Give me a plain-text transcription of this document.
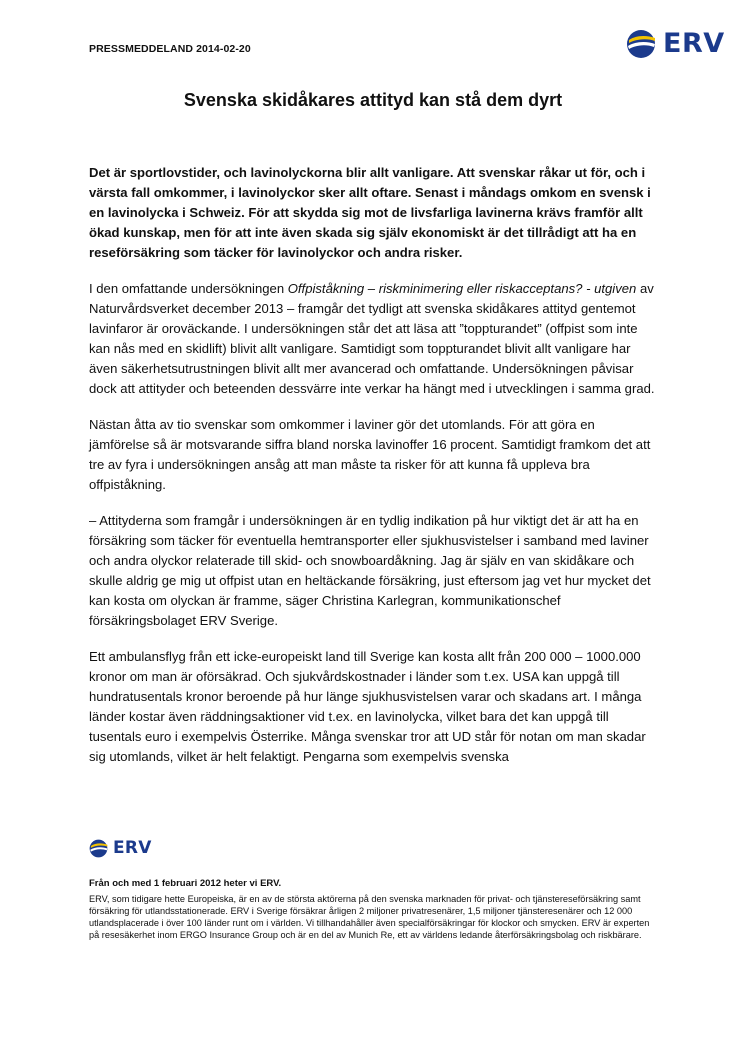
PRESSMEDDELAND 2014-02-20	ERV
Svenska skidåkares attityd kan stå dem dyrt

Det är sportlovstider, och lavinolyckorna blir allt vanligare. Att svenskar råkar ut för, och i värsta fall omkommer, i lavinolyckor sker allt oftare. Senast i måndags omkom en svensk i en lavinolycka i Schweiz. För att skydda sig mot de livsfarliga lavinerna krävs framför allt ökad kunskap, men för att inte även skada sig själv ekonomiskt är det tillrådigt att ha en reseförsäkring som täcker för lavinolyckor och andra risker.

I den omfattande undersökningen Offpiståkning – riskminimering eller riskacceptans? - utgiven av Naturvårdsverket december 2013 – framgår det tydligt att svenska skidåkares attityd gentemot lavinfaror är oroväckande. I undersökningen står det att läsa att ”toppturandet” (offpist som inte kan nås med en skidlift) blivit allt vanligare. Samtidigt som toppturandet blivit allt vanligare har även säkerhetsutrustningen blivit allt mer avancerad och omfattande. Undersökningen påvisar dock att attityder och beteenden dessvärre inte verkar ha hängt med i utvecklingen i samma grad.

Nästan åtta av tio svenskar som omkommer i laviner gör det utomlands. För att göra en jämförelse så är motsvarande siffra bland norska lavinoffer 16 procent. Samtidigt framkom det att tre av fyra i undersökningen ansåg att man måste ta risker för att kunna få uppleva bra offpiståkning.

– Attityderna som framgår i undersökningen är en tydlig indikation på hur viktigt det är att ha en försäkring som täcker för eventuella hemtransporter eller sjukhusvistelser i samband med laviner och andra olyckor relaterade till skid- och snowboardåkning. Jag är själv en van skidåkare och skulle aldrig ge mig ut offpist utan en heltäckande försäkring, just eftersom jag vet hur mycket det kan kosta om olyckan är framme, säger Christina Karlegran, kommunikationschef försäkringsbolaget ERV Sverige.

Ett ambulansflyg från ett icke-europeiskt land till Sverige kan kosta allt från 200 000 – 1000.000 kronor om man är oförsäkrad. Och sjukvårdskostnader i länder som t.ex. USA kan uppgå till hundratusentals kronor beroende på hur länge sjukhusvistelsen varar och skadans art. I många länder kostar även räddningsaktioner vid t.ex. en lavinolycka, vilket bara det kan uppgå till tusentals euro i exempelvis Österrike. Många svenskar tror att UD står för notan om man skadar sig utomlands, vilket är helt felaktigt. Pengarna som exempelvis svenska

ERV

Från och med 1 februari 2012 heter vi ERV.

ERV, som tidigare hette Europeiska, är en av de största aktörerna på den svenska marknaden för privat- och tjänstereseförsäkring samt försäkring för utlandsstationerade. ERV i Sverige försäkrar årligen 2 miljoner privatresenärer, 1,5 miljoner tjänsteresenärer och 12 000 utlandsplacerade i över 100 länder runt om i världen. Vi tillhandahåller även specialförsäkringar för klockor och smycken. ERV är experten på resesäkerhet inom ERGO Insurance Group och är en del av Munich Re, ett av världens ledande återförsäkringsbolag och riskbärare.
